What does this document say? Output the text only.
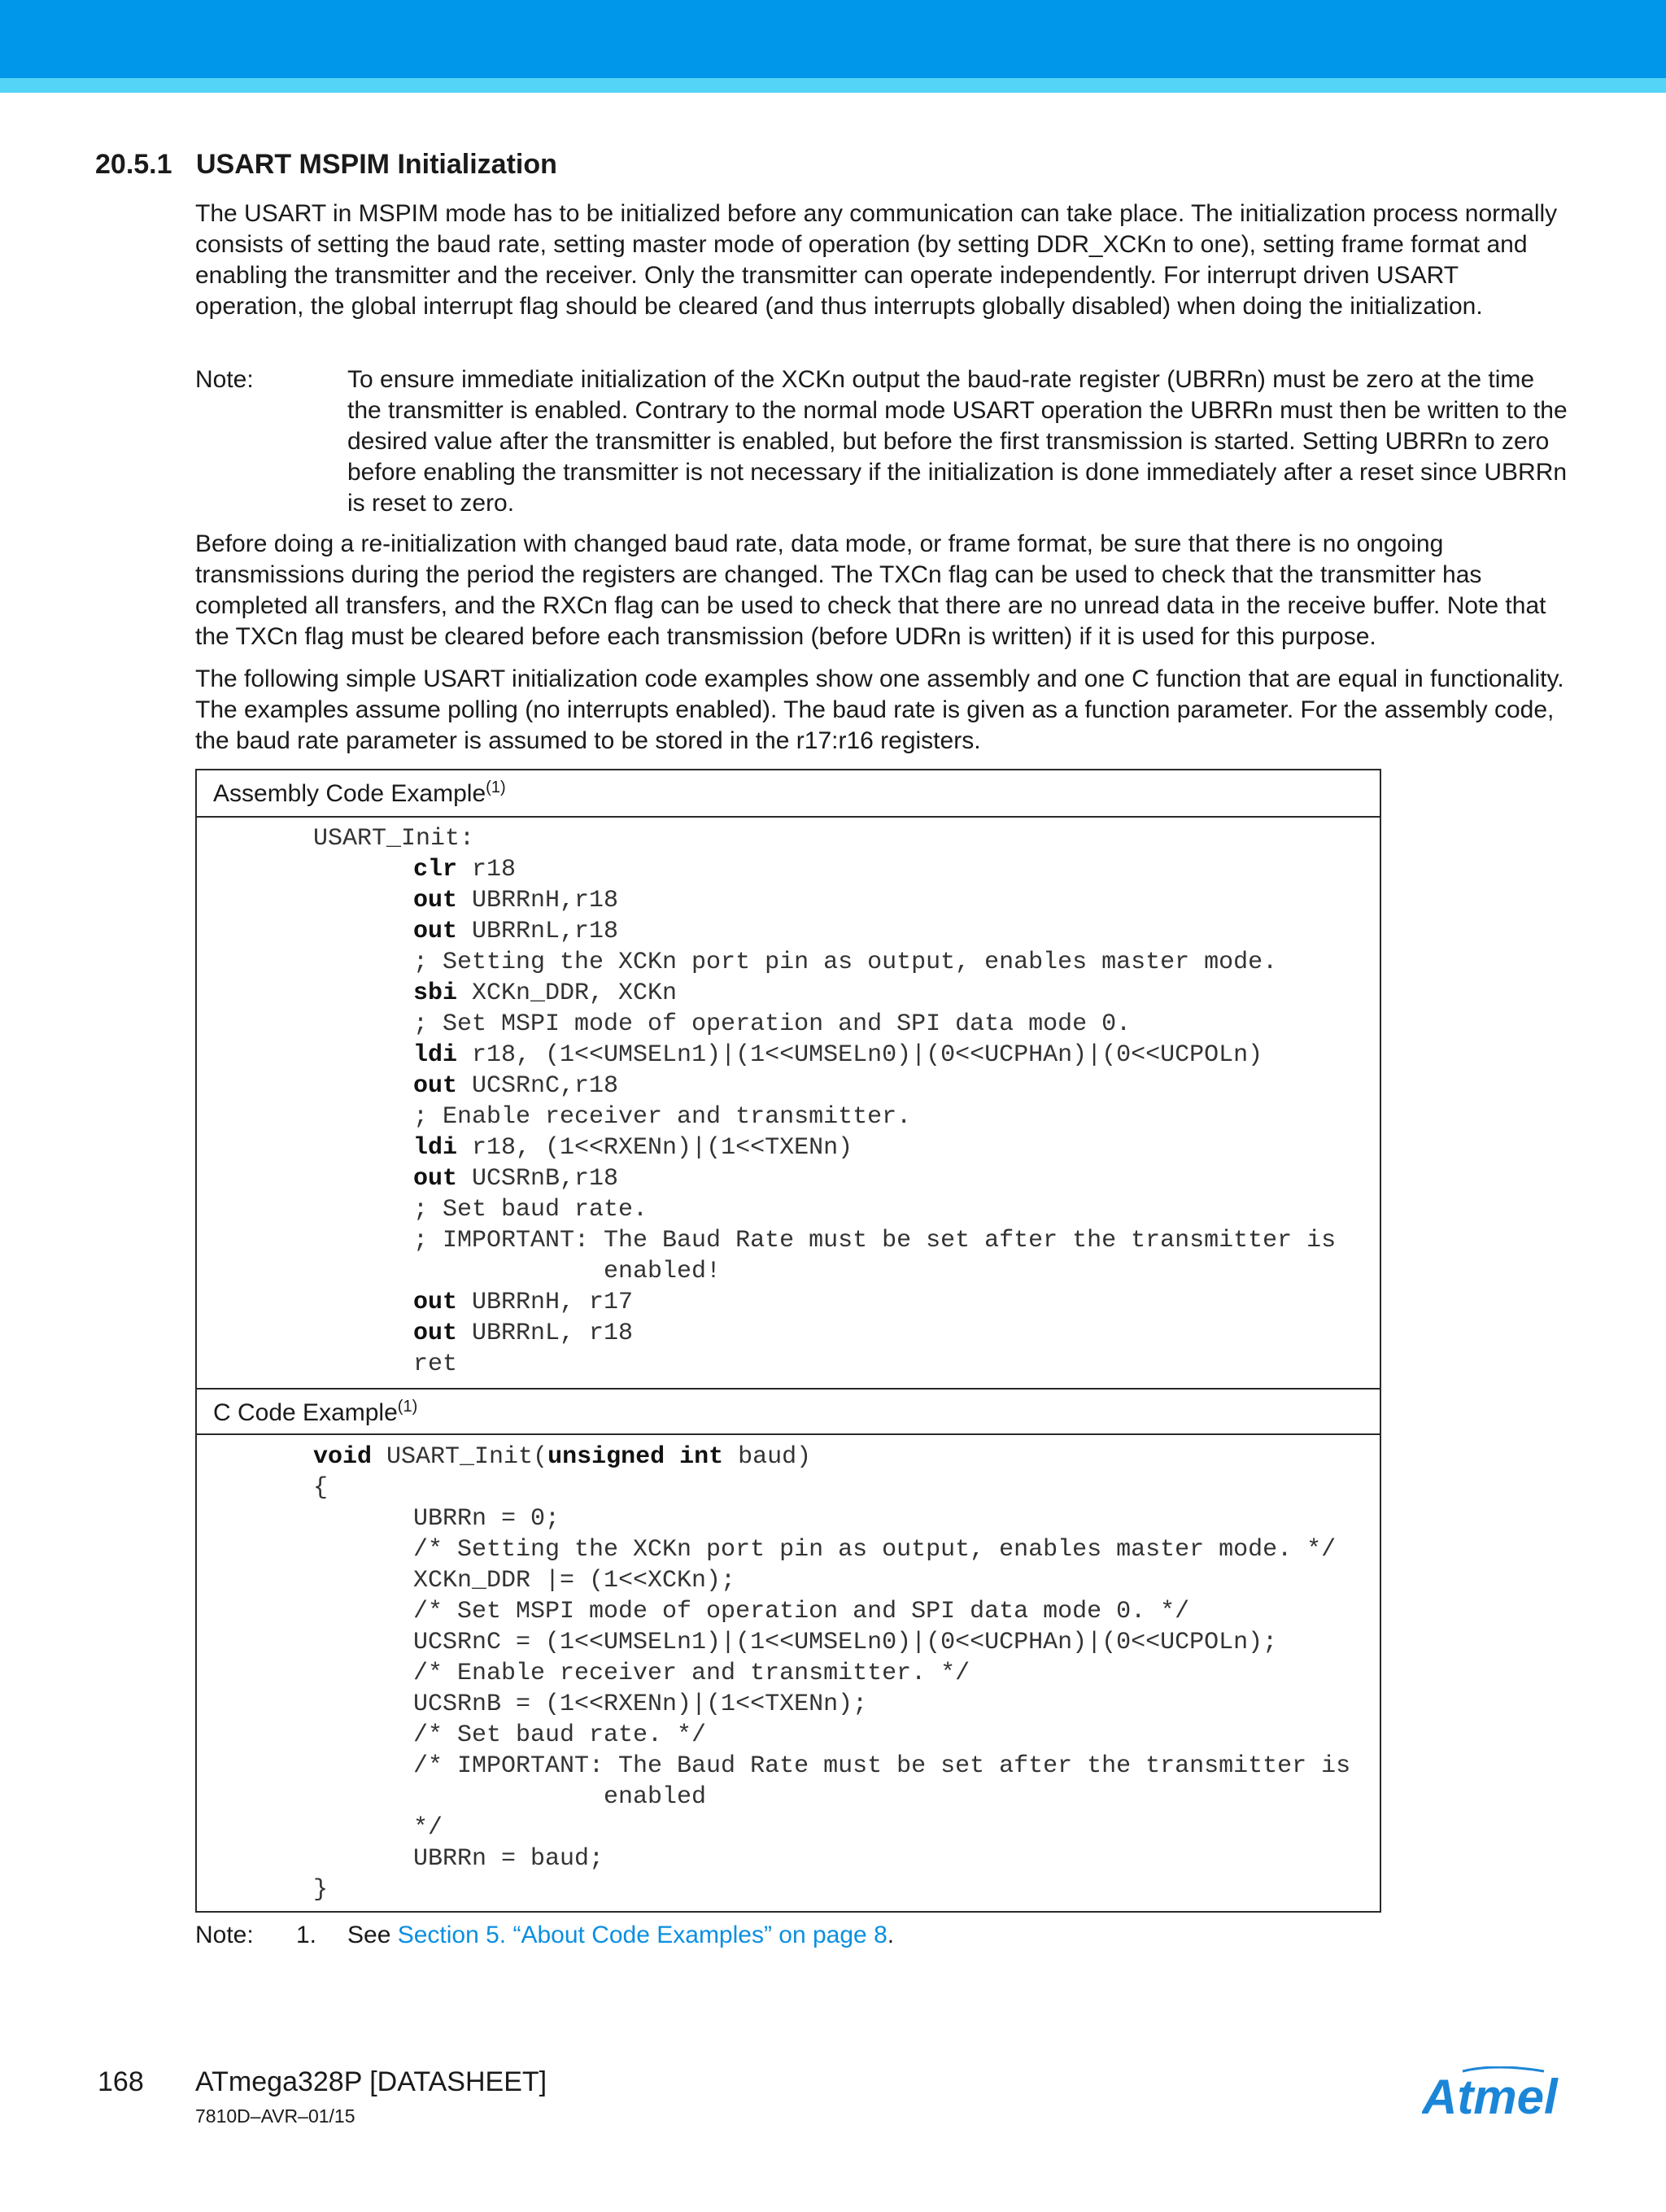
20.5.1 USART MSPIM Initialization

The USART in MSPIM mode has to be initialized before any communication can take place. The initialization process normally consists of setting the baud rate, setting master mode of operation (by setting DDR_XCKn to one), setting frame format and enabling the transmitter and the receiver. Only the transmitter can operate independently. For interrupt driven USART operation, the global interrupt flag should be cleared (and thus interrupts globally disabled) when doing the initialization.

Note:	To ensure immediate initialization of the XCKn output the baud-rate register (UBRRn) must be zero at the time the transmitter is enabled. Contrary to the normal mode USART operation the UBRRn must then be written to the desired value after the transmitter is enabled, but before the first transmission is started. Setting UBRRn to zero before enabling the transmitter is not necessary if the initialization is done immediately after a reset since UBRRn is reset to zero.

Before doing a re-initialization with changed baud rate, data mode, or frame format, be sure that there is no ongoing transmissions during the period the registers are changed. The TXCn flag can be used to check that the transmitter has completed all transfers, and the RXCn flag can be used to check that there are no unread data in the receive buffer. Note that the TXCn flag must be cleared before each transmission (before UDRn is written) if it is used for this purpose.

The following simple USART initialization code examples show one assembly and one C function that are equal in functionality. The examples assume polling (no interrupts enabled). The baud rate is given as a function parameter. For the assembly code, the baud rate parameter is assumed to be stored in the r17:r16 registers.

Assembly Code Example$^{(1)}$
USART_Init:
clr r18
out UBRRnH,r18
out UBRRnL,r18
; Setting the XCKn port pin as output, enables master mode.
sbi XCKn_DDR, XCKn
; Set MSPI mode of operation and SPI data mode 0.
ldi r18, (1<<UMSELn1)|(1<<UMSELn0)|(0<<UCPHAn)|(0<<UCPOLn)
out UCSRnC,r18
; Enable receiver and transmitter.
ldi r18, (1<<RXENn)|(1<<TXENn)
out UCSRnB,r18
; Set baud rate.
; IMPORTANT: The Baud Rate must be set after the transmitter is
enabled!
out UBRRnH, r17
out UBRRnL, r18
ret
C Code Example$^{(1)}$
void USART_Init(unsigned int baud)
{
UBRRn = 0;
/* Setting the XCKn port pin as output, enables master mode. */
XCKn_DDR |= (1<<XCKn);
/* Set MSPI mode of operation and SPI data mode 0. */
UCSRnC = (1<<UMSELn1)|(1<<UMSELn0)|(0<<UCPHAn)|(0<<UCPOLn);
/* Enable receiver and transmitter. */
UCSRnB = (1<<RXENn)|(1<<TXENn);
/* Set baud rate. */
/* IMPORTANT: The Baud Rate must be set after the transmitter is
enabled
*/
UBRRn = baud;
}
Note: 1. See Section 5. “About Code Examples” on page 8.
168 ATmega328P [DATASHEET]
7810D–AVR–01/15	Atmel
